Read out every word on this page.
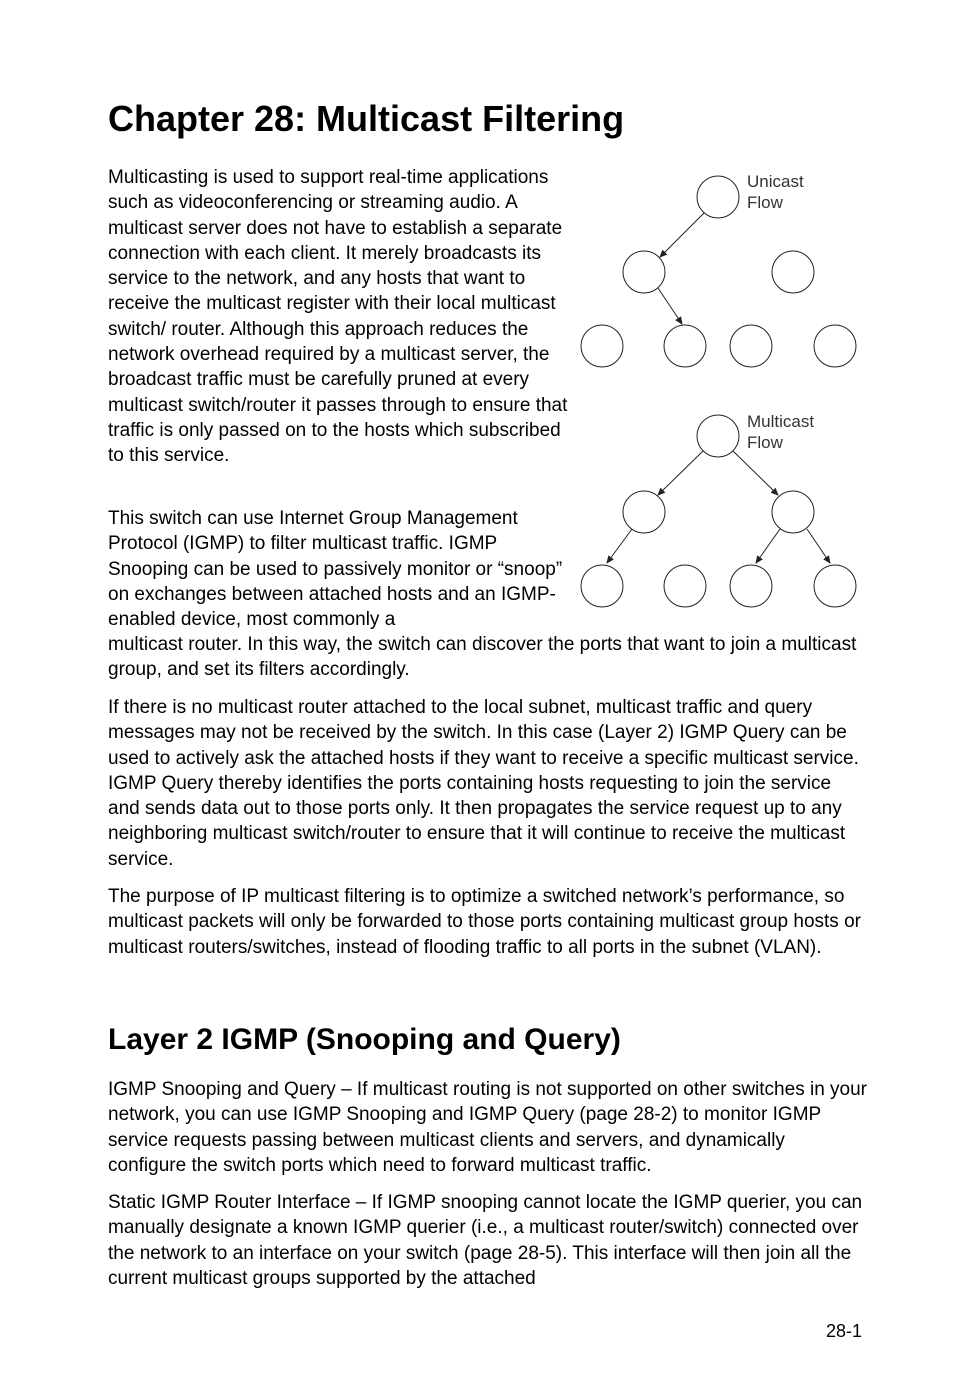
Chapter 28: Multicast Filtering

Multicasting is used to support real-time applications such as videoconferencing or streaming audio. A multicast server does not have to establish a separate connection with each client. It merely broadcasts its service to the network, and any hosts that want to receive the multicast register with their local multicast switch/ router. Although this approach reduces the network overhead required by a multicast server, the broadcast traffic must be carefully pruned at every multicast switch/router it passes through to ensure that traffic is only passed on to the hosts which subscribed to this service.

This switch can use Internet Group Management Protocol (IGMP) to filter multicast traffic. IGMP Snooping can be used to passively monitor or “snoop” on exchanges between attached hosts and an IGMP-enabled device, most commonly a

multicast router. In this way, the switch can discover the ports that want to join a multicast group, and set its filters accordingly.

If there is no multicast router attached to the local subnet, multicast traffic and query messages may not be received by the switch. In this case (Layer 2) IGMP Query can be used to actively ask the attached hosts if they want to receive a specific multicast service. IGMP Query thereby identifies the ports containing hosts requesting to join the service and sends data out to those ports only. It then propagates the service request up to any neighboring multicast switch/router to ensure that it will continue to receive the multicast service.

The purpose of IP multicast filtering is to optimize a switched network’s performance, so multicast packets will only be forwarded to those ports containing multicast group hosts or multicast routers/switches, instead of flooding traffic to all ports in the subnet (VLAN).

Layer 2 IGMP (Snooping and Query)

IGMP Snooping and Query – If multicast routing is not supported on other switches in your network, you can use IGMP Snooping and IGMP Query (page 28-2) to monitor IGMP service requests passing between multicast clients and servers, and dynamically configure the switch ports which need to forward multicast traffic.

Static IGMP Router Interface – If IGMP snooping cannot locate the IGMP querier, you can manually designate a known IGMP querier (i.e., a multicast router/switch) connected over the network to an interface on your switch (page 28-5). This interface will then join all the current multicast groups supported by the attached

Unicast
Flow
Multicast
Flow
28-1
